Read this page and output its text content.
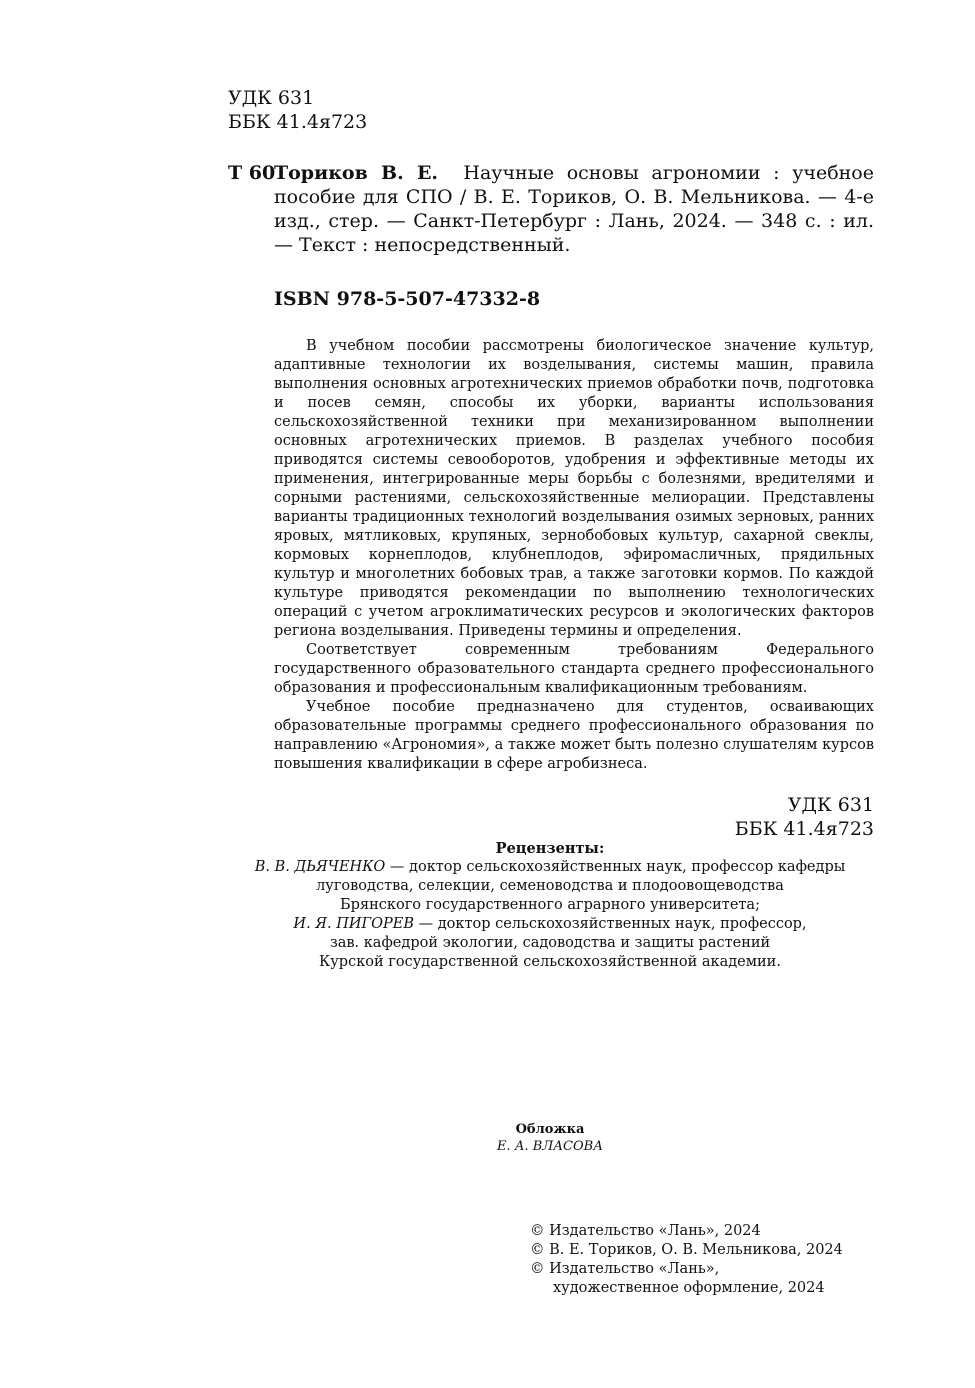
УДК 631
ББК 41.4я723
Т 60
Ториков В. Е. Научные основы агрономии : учебное
пособие для СПО / В. Е. Ториков, О. В. Мельникова. — 4-е изд., стер. — Санкт-Петербург : Лань, 2024. — 348 с. : ил. — Текст : непосредственный.
ISBN 978-5-507-47332-8

В учебном пособии рассмотрены биологическое значение культур, адаптивные технологии их возделывания, системы машин, правила выполнения основных агротехнических приемов обработки почв, подготовка и посев семян, способы их уборки, варианты использования сельскохозяйственной техники при механизированном выполнении основных агротехнических приемов. В разделах учебного пособия приводятся системы севооборотов, удобрения и эффективные методы их применения, интегрированные меры борьбы с болезнями, вредителями и сорными растениями, сельскохозяйственные мелиорации. Представлены варианты традиционных технологий возделывания озимых зерновых, ранних яровых, мятликовых, крупяных, зернобобовых культур, сахарной свеклы, кормовых корнеплодов, клубнеплодов, эфиромасличных, прядильных культур и многолетних бобовых трав, а также заготовки кормов. По каждой культуре приводятся рекомендации по выполнению технологических операций с учетом агроклиматических ресурсов и экологических факторов региона возделывания. Приведены термины и определения.

Соответствует современным требованиям Федерального государственного образовательного стандарта среднего профессионального образования и профессиональным квалификационным требованиям.

Учебное пособие предназначено для студентов, осваивающих образовательные программы среднего профессионального образования по направлению «Агрономия», а также может быть полезно слушателям курсов повышения квалификации в сфере агробизнеса.

УДК 631
ББК 41.4я723
Рецензенты:
В. В. ДЬЯЧЕНКО — доктор сельскохозяйственных наук, профессор кафедры
луговодства, селекции, семеноводства и плодоовощеводства
Брянского государственного аграрного университета;
И. Я. ПИГОРЕВ — доктор сельскохозяйственных наук, профессор,
зав. кафедрой экологии, садоводства и защиты растений
Курской государственной сельскохозяйственной академии.
Обложка
Е. А. ВЛАСОВА
© Издательство «Лань», 2024
© В. Е. Ториков, О. В. Мельникова, 2024
© Издательство «Лань»,
художественное оформление, 2024
